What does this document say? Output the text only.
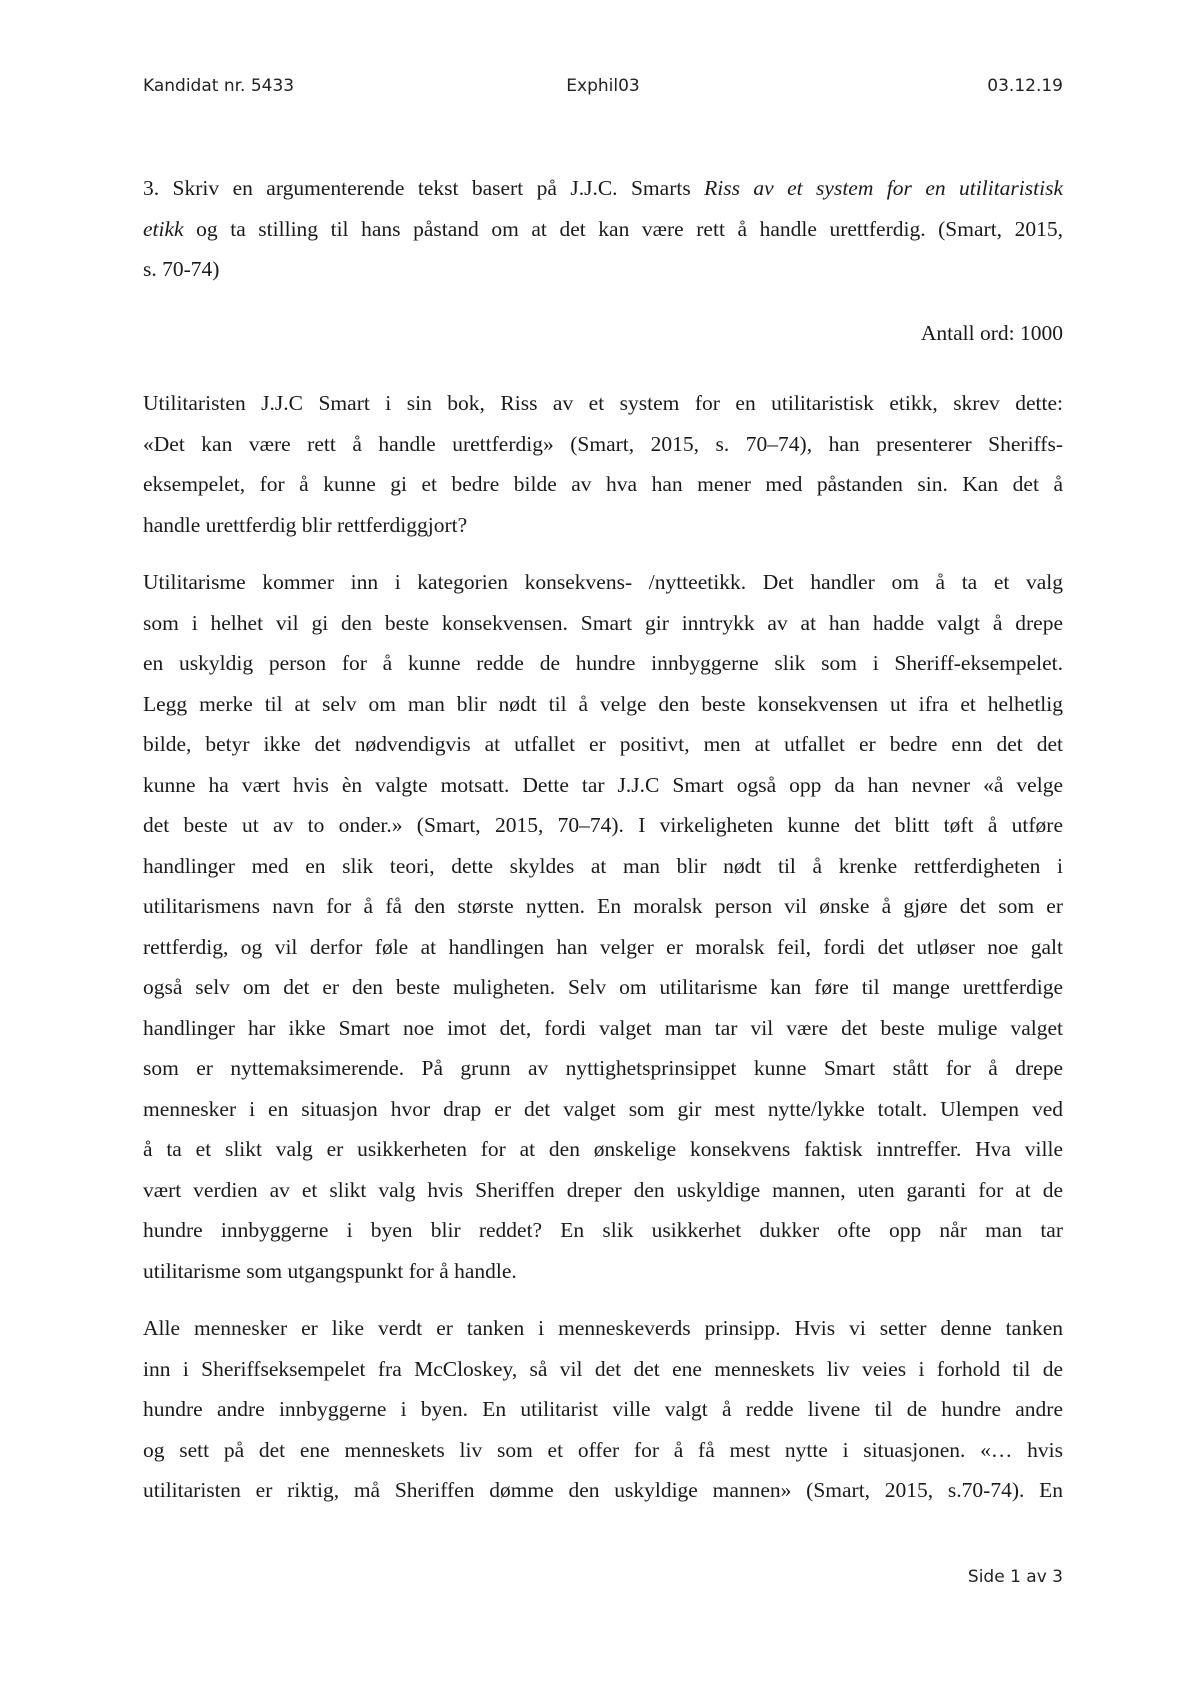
Kandidat nr. 5433	Exphil03	03.12.19

3. Skriv en argumenterende tekst basert på J.J.C. Smarts Riss av et system for en utilitaristisk
etikk og ta stilling til hans påstand om at det kan være rett å handle urettferdig. (Smart, 2015,
s. 70-74)

Antall ord: 1000

Utilitaristen J.J.C Smart i sin bok, Riss av et system for en utilitaristisk etikk, skrev dette:
«Det kan være rett å handle urettferdig» (Smart, 2015, s. 70–74), han presenterer Sheriffs-
eksempelet, for å kunne gi et bedre bilde av hva han mener med påstanden sin. Kan det å
handle urettferdig blir rettferdiggjort?

Utilitarisme kommer inn i kategorien konsekvens- /nytteetikk. Det handler om å ta et valg
som i helhet vil gi den beste konsekvensen. Smart gir inntrykk av at han hadde valgt å drepe
en uskyldig person for å kunne redde de hundre innbyggerne slik som i Sheriff-eksempelet.
Legg merke til at selv om man blir nødt til å velge den beste konsekvensen ut ifra et helhetlig
bilde, betyr ikke det nødvendigvis at utfallet er positivt, men at utfallet er bedre enn det det
kunne ha vært hvis èn valgte motsatt. Dette tar J.J.C Smart også opp da han nevner «å velge
det beste ut av to onder.» (Smart, 2015, 70–74). I virkeligheten kunne det blitt tøft å utføre
handlinger med en slik teori, dette skyldes at man blir nødt til å krenke rettferdigheten i
utilitarismens navn for å få den største nytten. En moralsk person vil ønske å gjøre det som er
rettferdig, og vil derfor føle at handlingen han velger er moralsk feil, fordi det utløser noe galt
også selv om det er den beste muligheten. Selv om utilitarisme kan føre til mange urettferdige
handlinger har ikke Smart noe imot det, fordi valget man tar vil være det beste mulige valget
som er nyttemaksimerende. På grunn av nyttighetsprinsippet kunne Smart stått for å drepe
mennesker i en situasjon hvor drap er det valget som gir mest nytte/lykke totalt. Ulempen ved
å ta et slikt valg er usikkerheten for at den ønskelige konsekvens faktisk inntreffer. Hva ville
vært verdien av et slikt valg hvis Sheriffen dreper den uskyldige mannen, uten garanti for at de
hundre innbyggerne i byen blir reddet? En slik usikkerhet dukker ofte opp når man tar
utilitarisme som utgangspunkt for å handle.

Alle mennesker er like verdt er tanken i menneskeverds prinsipp. Hvis vi setter denne tanken
inn i Sheriffseksempelet fra McCloskey, så vil det det ene menneskets liv veies i forhold til de
hundre andre innbyggerne i byen. En utilitarist ville valgt å redde livene til de hundre andre
og sett på det ene menneskets liv som et offer for å få mest nytte i situasjonen. «… hvis
utilitaristen er riktig, må Sheriffen dømme den uskyldige mannen» (Smart, 2015, s.70-74). En

Side 1 av 3
